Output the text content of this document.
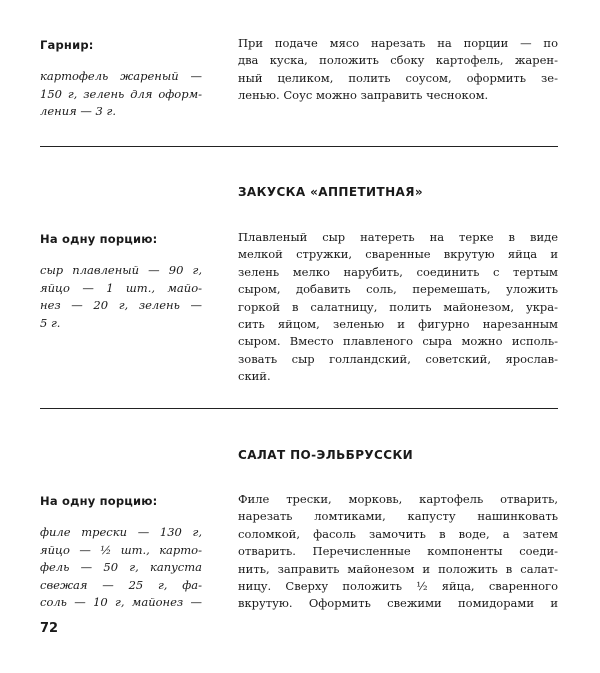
Гарнир:
картофель жареный —
150 г, зелень для оформ-
ления — 3 г.
При подаче мясо нарезать на порции — по
два куска, положить сбоку картофель, жарен-
ный целиком, полить соусом, оформить зе-
ленью. Соус можно заправить чесноком.
ЗАКУСКА «АППЕТИТНАЯ»
На одну порцию:
сыр плавленый — 90 г,
яйцо — 1 шт., майо-
нез — 20 г, зелень —
5 г.
Плавленый сыр натереть на терке в виде
мелкой стружки, сваренные вкрутую яйца и
зелень мелко нарубить, соединить с тертым
сыром, добавить соль, перемешать, уложить
горкой в салатницу, полить майонезом, укра-
сить яйцом, зеленью и фигурно нарезанным
сыром. Вместо плавленого сыра можно исполь-
зовать сыр голландский, советский, ярослав-
ский.
САЛАТ ПО-ЭЛЬБРУССКИ
На одну порцию:
филе трески — 130 г,
яйцо — ½ шт., карто-
фель — 50 г, капуста
свежая — 25 г, фа-
соль — 10 г, майонез —
Филе трески, морковь, картофель отварить,
нарезать ломтиками, капусту нашинковать
соломкой, фасоль замочить в воде, а затем
отварить. Перечисленные компоненты соеди-
нить, заправить майонезом и положить в салат-
ницу. Сверху положить ½ яйца, сваренного
вкрутую. Оформить свежими помидорами и
72
